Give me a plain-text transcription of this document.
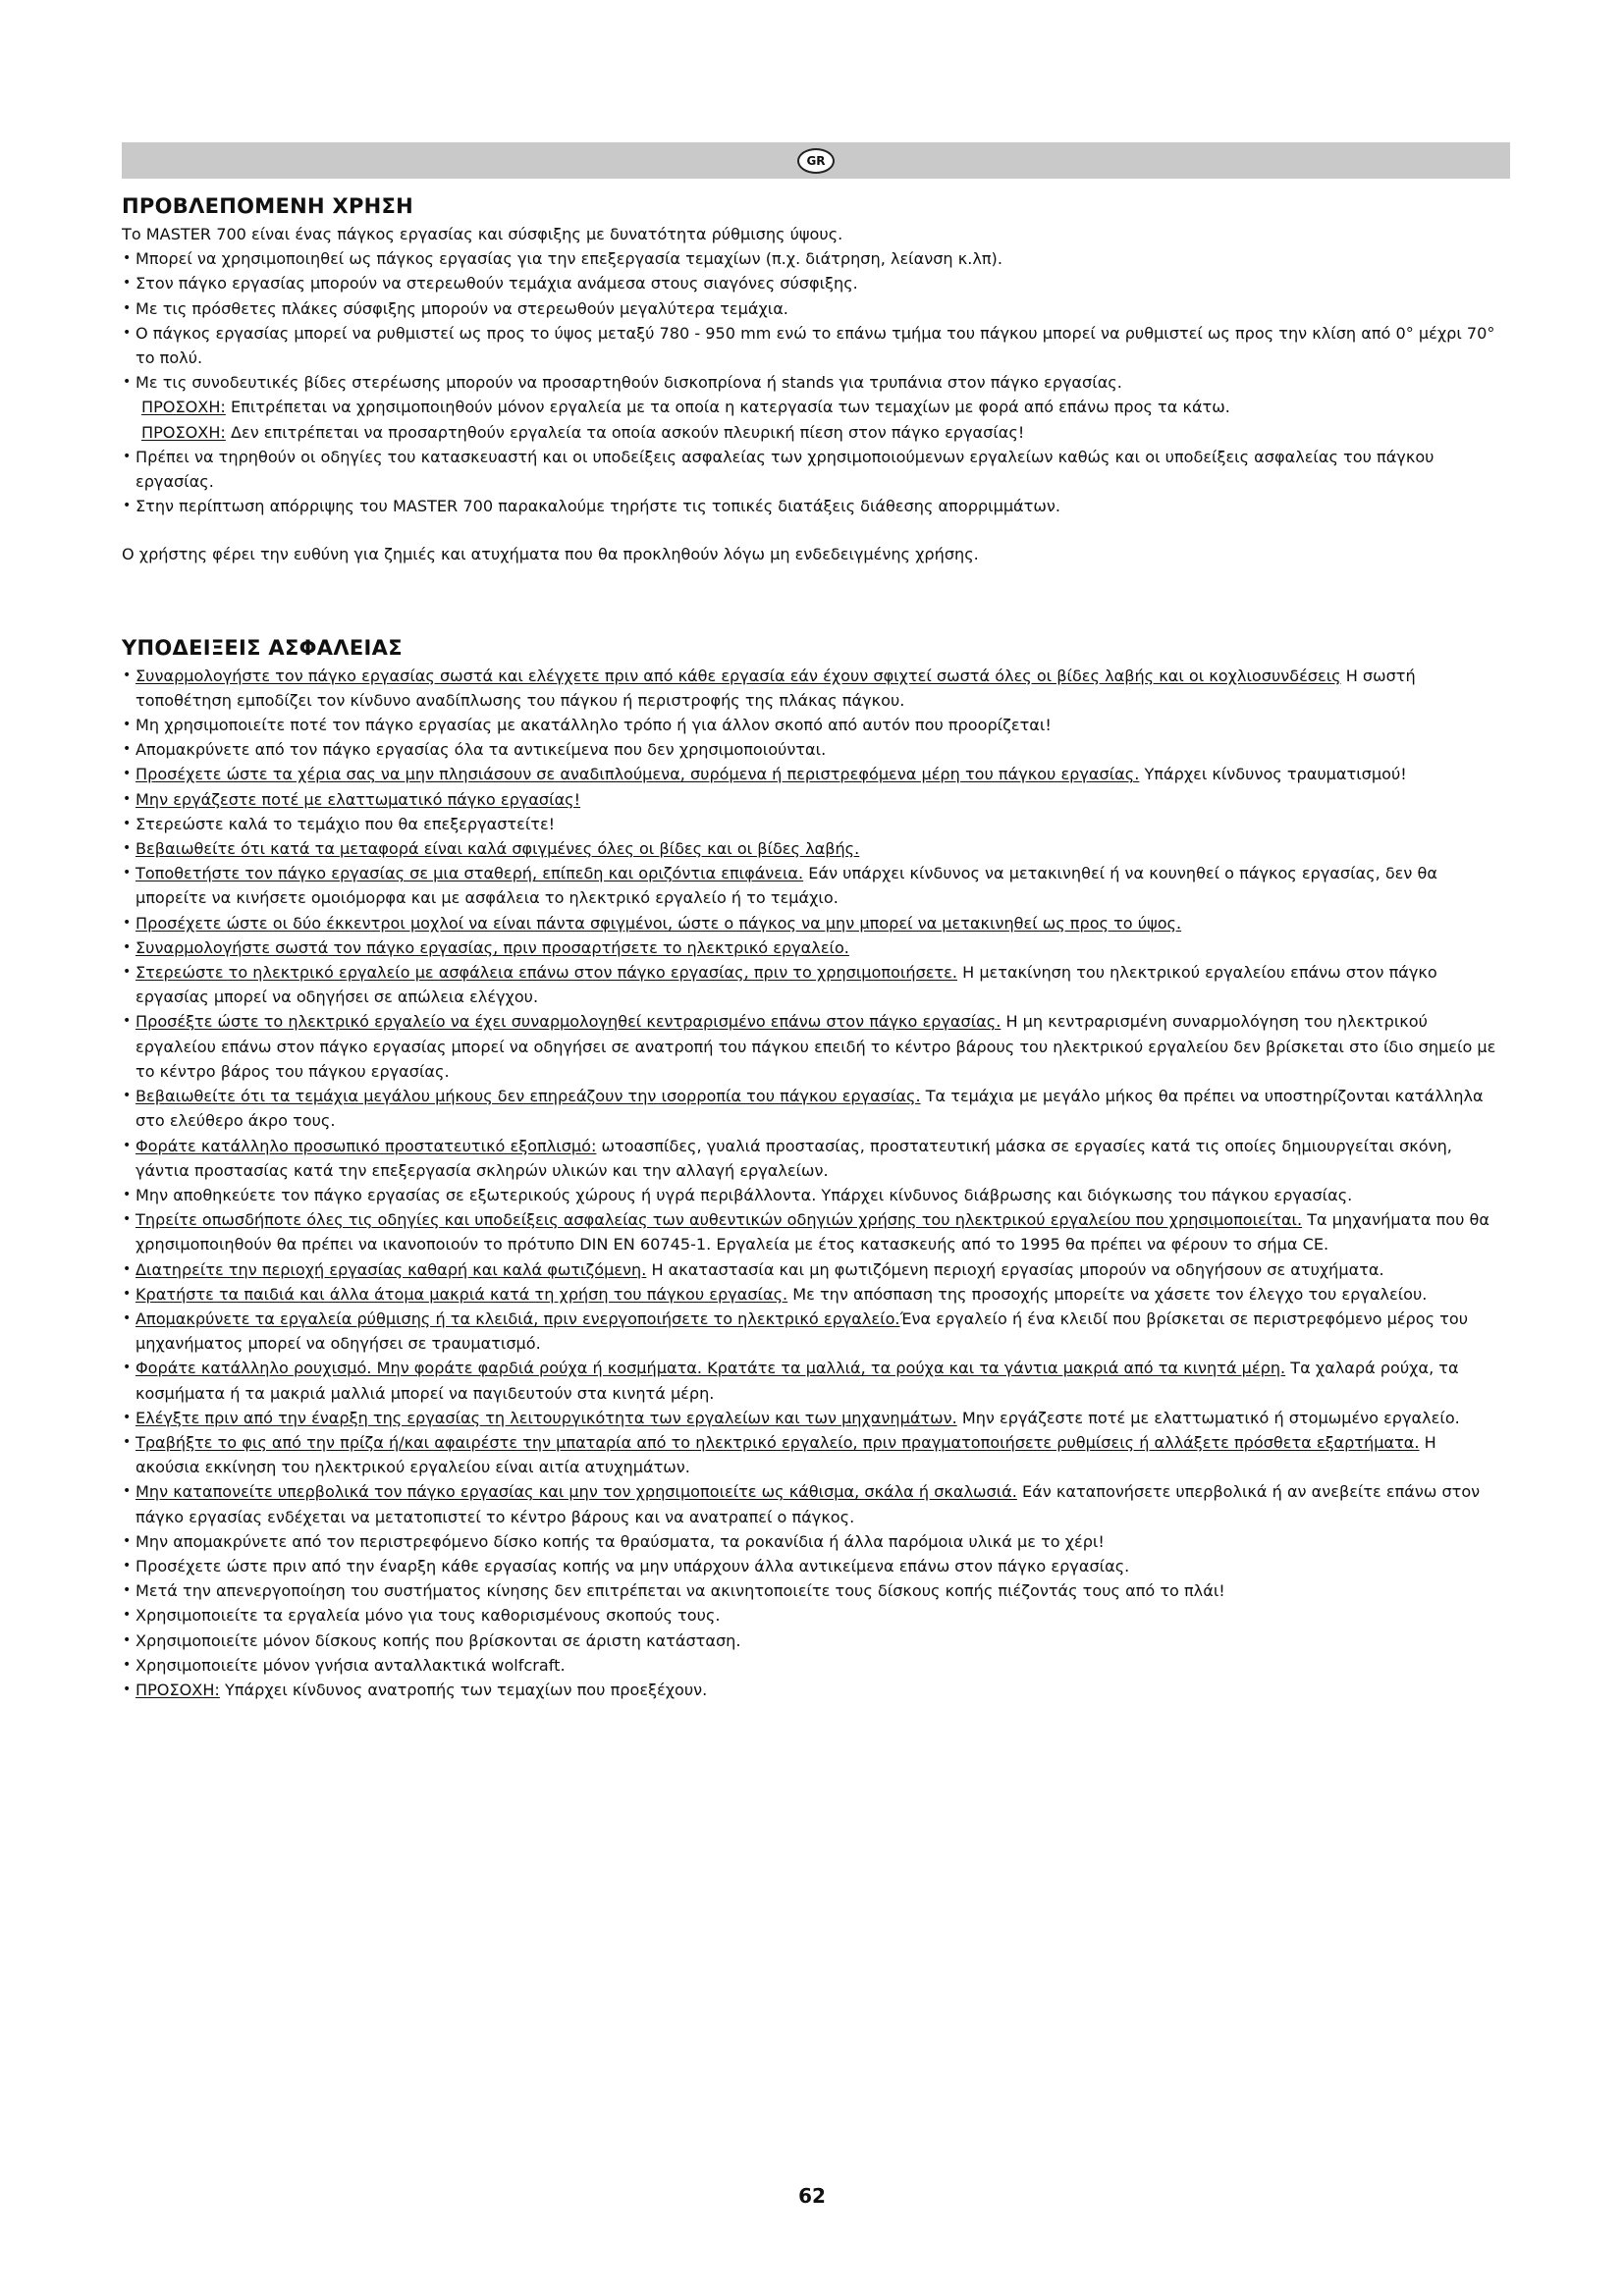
GR
ΠΡΟΒΛΕΠΟΜΕΝΗ ΧΡΗΣΗ

Το MASTER 700 είναι ένας πάγκος εργασίας και σύσφιξης με δυνατότητα ρύθμισης ύψους.

• Μπορεί να χρησιμοποιηθεί ως πάγκος εργασίας για την επεξεργασία τεμαχίων (π.χ. διάτρηση, λείανση κ.λπ).
• Στον πάγκο εργασίας μπορούν να στερεωθούν τεμάχια ανάμεσα στους σιαγόνες σύσφιξης.
• Με τις πρόσθετες πλάκες σύσφιξης μπορούν να στερεωθούν μεγαλύτερα τεμάχια.
• Ο πάγκος εργασίας μπορεί να ρυθμιστεί ως προς το ύψος μεταξύ 780 - 950 mm ενώ το επάνω τμήμα του πάγκου μπορεί να ρυθμιστεί ως προς την κλίση από 0° μέχρι 70° το πολύ.
• Με τις συνοδευτικές βίδες στερέωσης μπορούν να προσαρτηθούν δισκοπρίονα ή stands για τρυπάνια στον πάγκο εργασίας.
ΠΡΟΣΟΧΗ: Επιτρέπεται να χρησιμοποιηθούν μόνον εργαλεία με τα οποία η κατεργασία των τεμαχίων με φορά από επάνω προς τα κάτω.
ΠΡΟΣΟΧΗ: Δεν επιτρέπεται να προσαρτηθούν εργαλεία τα οποία ασκούν πλευρική πίεση στον πάγκο εργασίας!
• Πρέπει να τηρηθούν οι οδηγίες του κατασκευαστή και οι υποδείξεις ασφαλείας των χρησιμοποιούμενων εργαλείων καθώς και οι υποδείξεις ασφαλείας του πάγκου εργασίας.
• Στην περίπτωση απόρριψης του MASTER 700 παρακαλούμε τηρήστε τις τοπικές διατάξεις διάθεσης απορριμμάτων.

Ο χρήστης φέρει την ευθύνη για ζημιές και ατυχήματα που θα προκληθούν λόγω μη ενδεδειγμένης χρήσης.

ΥΠΟΔΕΙΞΕΙΣ ΑΣΦΑΛΕΙΑΣ
• Συναρμολογήστε τον πάγκο εργασίας σωστά και ελέγχετε πριν από κάθε εργασία εάν έχουν σφιχτεί σωστά όλες οι βίδες λαβής και οι κοχλιοσυνδέσεις Η σωστή τοποθέτηση εμποδίζει τον κίνδυνο αναδίπλωσης του πάγκου ή περιστροφής της πλάκας πάγκου.
• Μη χρησιμοποιείτε ποτέ τον πάγκο εργασίας με ακατάλληλο τρόπο ή για άλλον σκοπό από αυτόν που προορίζεται!
• Απομακρύνετε από τον πάγκο εργασίας όλα τα αντικείμενα που δεν χρησιμοποιούνται.
• Προσέχετε ώστε τα χέρια σας να μην πλησιάσουν σε αναδιπλούμενα, συρόμενα ή περιστρεφόμενα μέρη του πάγκου εργασίας. Υπάρχει κίνδυνος τραυματισμού!
• Μην εργάζεστε ποτέ με ελαττωματικό πάγκο εργασίας!
• Στερεώστε καλά το τεμάχιο που θα επεξεργαστείτε!
• Βεβαιωθείτε ότι κατά τα μεταφορά είναι καλά σφιγμένες όλες οι βίδες και οι βίδες λαβής.
• Τοποθετήστε τον πάγκο εργασίας σε μια σταθερή, επίπεδη και οριζόντια επιφάνεια. Εάν υπάρχει κίνδυνος να μετακινηθεί ή να κουνηθεί ο πάγκος εργασίας, δεν θα μπορείτε να κινήσετε ομοιόμορφα και με ασφάλεια το ηλεκτρικό εργαλείο ή το τεμάχιο.
• Προσέχετε ώστε οι δύο έκκεντροι μοχλοί να είναι πάντα σφιγμένοι, ώστε ο πάγκος να μην μπορεί να μετακινηθεί ως προς το ύψος.
• Συναρμολογήστε σωστά τον πάγκο εργασίας, πριν προσαρτήσετε το ηλεκτρικό εργαλείο.
• Στερεώστε το ηλεκτρικό εργαλείο με ασφάλεια επάνω στον πάγκο εργασίας, πριν το χρησιμοποιήσετε. Η μετακίνηση του ηλεκτρικού εργαλείου επάνω στον πάγκο εργασίας μπορεί να οδηγήσει σε απώλεια ελέγχου.
• Προσέξτε ώστε το ηλεκτρικό εργαλείο να έχει συναρμολογηθεί κεντραρισμένο επάνω στον πάγκο εργασίας. Η μη κεντραρισμένη συναρμολόγηση του ηλεκτρικού εργαλείου επάνω στον πάγκο εργασίας μπορεί να οδηγήσει σε ανατροπή του πάγκου επειδή το κέντρο βάρους του ηλεκτρικού εργαλείου δεν βρίσκεται στο ίδιο σημείο με το κέντρο βάρος του πάγκου εργασίας.
• Βεβαιωθείτε ότι τα τεμάχια μεγάλου μήκους δεν επηρεάζουν την ισορροπία του πάγκου εργασίας. Τα τεμάχια με μεγάλο μήκος θα πρέπει να υποστηρίζονται κατάλληλα στο ελεύθερο άκρο τους.
• Φοράτε κατάλληλο προσωπικό προστατευτικό εξοπλισμό: ωτοασπίδες, γυαλιά προστασίας, προστατευτική μάσκα σε εργασίες κατά τις οποίες δημιουργείται σκόνη, γάντια προστασίας κατά την επεξεργασία σκληρών υλικών και την αλλαγή εργαλείων.
• Μην αποθηκεύετε τον πάγκο εργασίας σε εξωτερικούς χώρους ή υγρά περιβάλλοντα. Υπάρχει κίνδυνος διάβρωσης και διόγκωσης του πάγκου εργασίας.
• Τηρείτε οπωσδήποτε όλες τις οδηγίες και υποδείξεις ασφαλείας των αυθεντικών οδηγιών χρήσης του ηλεκτρικού εργαλείου που χρησιμοποιείται. Τα μηχανήματα που θα χρησιμοποιηθούν θα πρέπει να ικανοποιούν το πρότυπο DIN EN 60745-1. Εργαλεία με έτος κατασκευής από το 1995 θα πρέπει να φέρουν το σήμα CE.
• Διατηρείτε την περιοχή εργασίας καθαρή και καλά φωτιζόμενη. Η ακαταστασία και μη φωτιζόμενη περιοχή εργασίας μπορούν να οδηγήσουν σε ατυχήματα.
• Κρατήστε τα παιδιά και άλλα άτομα μακριά κατά τη χρήση του πάγκου εργασίας. Με την απόσπαση της προσοχής μπορείτε να χάσετε τον έλεγχο του εργαλείου.
• Απομακρύνετε τα εργαλεία ρύθμισης ή τα κλειδιά, πριν ενεργοποιήσετε το ηλεκτρικό εργαλείο.Ένα εργαλείο ή ένα κλειδί που βρίσκεται σε περιστρεφόμενο μέρος του μηχανήματος μπορεί να οδηγήσει σε τραυματισμό.
• Φοράτε κατάλληλο ρουχισμό. Μην φοράτε φαρδιά ρούχα ή κοσμήματα. Κρατάτε τα μαλλιά, τα ρούχα και τα γάντια μακριά από τα κινητά μέρη. Τα χαλαρά ρούχα, τα κοσμήματα ή τα μακριά μαλλιά μπορεί να παγιδευτούν στα κινητά μέρη.
• Ελέγξτε πριν από την έναρξη της εργασίας τη λειτουργικότητα των εργαλείων και των μηχανημάτων. Μην εργάζεστε ποτέ με ελαττωματικό ή στομωμένο εργαλείο.
• Τραβήξτε το φις από την πρίζα ή/και αφαιρέστε την μπαταρία από το ηλεκτρικό εργαλείο, πριν πραγματοποιήσετε ρυθμίσεις ή αλλάξετε πρόσθετα εξαρτήματα. Η ακούσια εκκίνηση του ηλεκτρικού εργαλείου είναι αιτία ατυχημάτων.
• Μην καταπονείτε υπερβολικά τον πάγκο εργασίας και μην τον χρησιμοποιείτε ως κάθισμα, σκάλα ή σκαλωσιά. Εάν καταπονήσετε υπερβολικά ή αν ανεβείτε επάνω στον πάγκο εργασίας ενδέχεται να μετατοπιστεί το κέντρο βάρους και να ανατραπεί ο πάγκος.
• Μην απομακρύνετε από τον περιστρεφόμενο δίσκο κοπής τα θραύσματα, τα ροκανίδια ή άλλα παρόμοια υλικά με το χέρι!
• Προσέχετε ώστε πριν από την έναρξη κάθε εργασίας κοπής να μην υπάρχουν άλλα αντικείμενα επάνω στον πάγκο εργασίας.
• Μετά την απενεργοποίηση του συστήματος κίνησης δεν επιτρέπεται να ακινητοποιείτε τους δίσκους κοπής πιέζοντάς τους από το πλάι!
• Χρησιμοποιείτε τα εργαλεία μόνο για τους καθορισμένους σκοπούς τους.
• Χρησιμοποιείτε μόνον δίσκους κοπής που βρίσκονται σε άριστη κατάσταση.
• Χρησιμοποιείτε μόνον γνήσια ανταλλακτικά wolfcraft.
• ΠΡΟΣΟΧΗ: Υπάρχει κίνδυνος ανατροπής των τεμαχίων που προεξέχουν.
62
